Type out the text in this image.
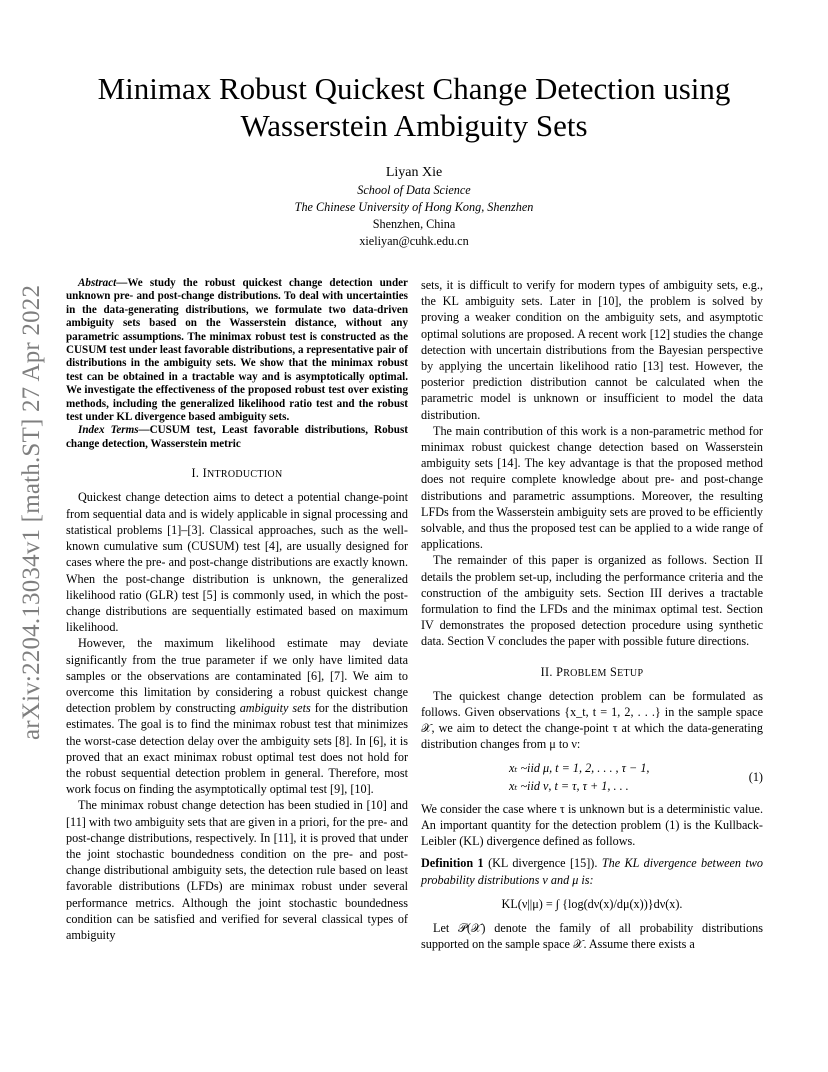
arXiv:2204.13034v1 [math.ST] 27 Apr 2022
Minimax Robust Quickest Change Detection using Wasserstein Ambiguity Sets
Liyan Xie
School of Data Science
The Chinese University of Hong Kong, Shenzhen
Shenzhen, China
xieliyan@cuhk.edu.cn

Abstract—We study the robust quickest change detection under unknown pre- and post-change distributions. To deal with uncertainties in the data-generating distributions, we formulate two data-driven ambiguity sets based on the Wasserstein distance, without any parametric assumptions. The minimax robust test is constructed as the CUSUM test under least favorable distributions, a representative pair of distributions in the ambiguity sets. We show that the minimax robust test can be obtained in a tractable way and is asymptotically optimal. We investigate the effectiveness of the proposed robust test over existing methods, including the generalized likelihood ratio test and the robust test under KL divergence based ambiguity sets.

Index Terms—CUSUM test, Least favorable distributions, Robust change detection, Wasserstein metric

I. INTRODUCTION

Quickest change detection aims to detect a potential change-point from sequential data and is widely applicable in signal processing and statistical problems [1]–[3]. Classical approaches, such as the well-known cumulative sum (CUSUM) test [4], are usually designed for cases where the pre- and post-change distributions are exactly known. When the post-change distribution is unknown, the generalized likelihood ratio (GLR) test [5] is commonly used, in which the post-change distributions are sequentially estimated based on maximum likelihood.

However, the maximum likelihood estimate may deviate significantly from the true parameter if we only have limited data samples or the observations are contaminated [6], [7]. We aim to overcome this limitation by considering a robust quickest change detection problem by constructing ambiguity sets for the distribution estimates. The goal is to find the minimax robust test that minimizes the worst-case detection delay over the ambiguity sets [8]. In [6], it is proved that an exact minimax robust optimal test does not hold for the robust sequential detection problem in general. Therefore, most work focus on finding the asymptotically optimal test [9], [10].

The minimax robust change detection has been studied in [10] and [11] with two ambiguity sets that are given in a priori, for the pre- and post-change distributions, respectively. In [11], it is proved that under the joint stochastic boundedness condition on the pre- and post-change distributional ambiguity sets, the detection rule based on least favorable distributions (LFDs) are minimax robust under several performance metrics. Although the joint stochastic boundedness condition can be satisfied and verified for several classical types of ambiguity

sets, it is difficult to verify for modern types of ambiguity sets, e.g., the KL ambiguity sets. Later in [10], the problem is solved by proving a weaker condition on the ambiguity sets, and asymptotic optimal solutions are proposed. A recent work [12] studies the change detection with uncertain distributions from the Bayesian perspective by applying the uncertain likelihood ratio [13] test. However, the posterior prediction distribution cannot be calculated when the parametric model is unknown or insufficient to model the data distribution.

The main contribution of this work is a non-parametric method for minimax robust quickest change detection based on Wasserstein ambiguity sets [14]. The key advantage is that the proposed method does not require complete knowledge about pre- and post-change distributions and parametric assumptions. Moreover, the resulting LFDs from the Wasserstein ambiguity sets are proved to be efficiently solvable, and thus the proposed test can be applied to a wide range of applications.

The remainder of this paper is organized as follows. Section II details the problem set-up, including the performance criteria and the construction of the ambiguity sets. Section III derives a tractable formulation to find the LFDs and the minimax optimal test. Section IV demonstrates the proposed detection procedure using synthetic data. Section V concludes the paper with possible future directions.

II. PROBLEM SETUP

The quickest change detection problem can be formulated as follows. Given observations {x_t, t = 1, 2, . . .} in the sample space 𝒳, we aim to detect the change-point τ at which the data-generating distribution changes from μ to ν:

xₜ ~iid μ, t = 1, 2, . . . , τ − 1,
xₜ ~iid ν, t = τ, τ + 1, . . .
(1)

We consider the case where τ is unknown but is a deterministic value. An important quantity for the detection problem (1) is the Kullback-Leibler (KL) divergence defined as follows.

Definition 1 (KL divergence [15]). The KL divergence between two probability distributions ν and μ is:

KL(ν||μ) = ∫ {log(dν(x)/dμ(x))}dν(x).

Let 𝒫(𝒳) denote the family of all probability distributions supported on the sample space 𝒳. Assume there exists a
